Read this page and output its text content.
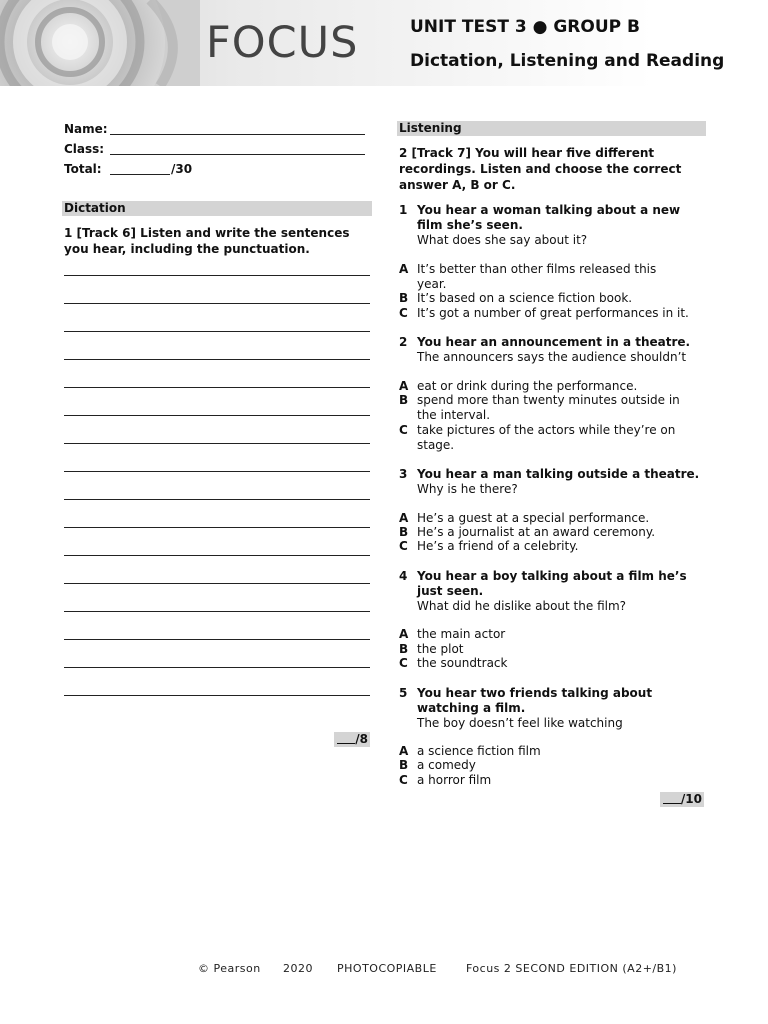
FOCUS	UNIT TEST 3 ● GROUP B
Dictation, Listening and Reading
Name:
Class:
Total:	/30
Dictation
1 [Track 6] Listen and write the sentences you hear, including the punctuation.
/8
Listening
2 [Track 7] You will hear five different recordings. Listen and choose the correct answer A, B or C.
1 You hear a woman talking about a new film she’s seen.
What does she say about it?
A It’s better than other films released this year.
B It’s based on a science fiction book.
C It’s got a number of great performances in it.
2 You hear an announcement in a theatre.
The announcers says the audience shouldn’t
A eat or drink during the performance.
B spend more than twenty minutes outside in the interval.
C take pictures of the actors while they’re on stage.
3 You hear a man talking outside a theatre.
Why is he there?
A He’s a guest at a special performance.
B He’s a journalist at an award ceremony.
C He’s a friend of a celebrity.
4 You hear a boy talking about a film he’s just seen.
What did he dislike about the film?
A the main actor
B the plot
C the soundtrack
5 You hear two friends talking about watching a film.
The boy doesn’t feel like watching
A a science fiction film
B a comedy
C a horror film
/10
© Pearson 2020 PHOTOCOPIABLE	Focus 2 SECOND EDITION (A2+/B1)
